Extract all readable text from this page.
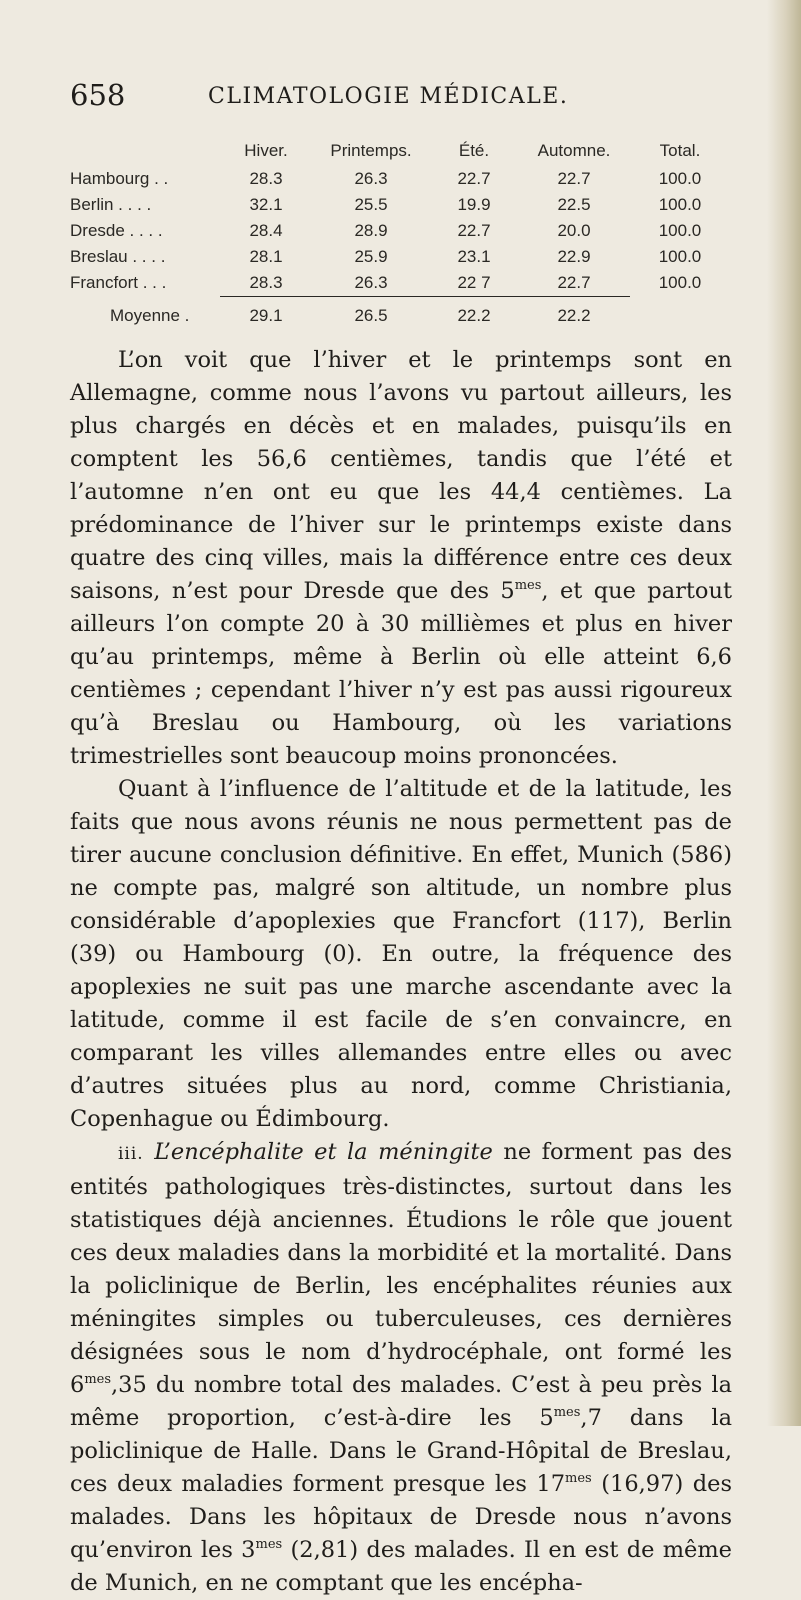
658	CLIMATOLOGIE MÉDICALE.
	Hiver.	Printemps.	Été.	Automne.	Total.
Hambourg . .	28.3	26.3	22.7	22.7	100.0
Berlin . . . .	32.1	25.5	19.9	22.5	100.0
Dresde . . . .	28.4	28.9	22.7	20.0	100.0
Breslau . . . .	28.1	25.9	23.1	22.9	100.0
Francfort . . .	28.3	26.3	22 7	22.7	100.0
Moyenne .	29.1	26.5	22.2	22.2	

L’on voit que l’hiver et le printemps sont en Allemagne, comme nous l’avons vu partout ailleurs, les plus chargés en décès et en malades, puisqu’ils en comptent les 56,6 centièmes, tandis que l’été et l’automne n’en ont eu que les 44,4 centièmes. La prédominance de l’hiver sur le printemps existe dans quatre des cinq villes, mais la différence entre ces deux saisons, n’est pour Dresde que des $5^{mes}$, et que partout ailleurs l’on compte 20 à 30 millièmes et plus en hiver qu’au printemps, même à Berlin où elle atteint 6,6 centièmes ; cependant l’hiver n’y est pas aussi rigoureux qu’à Breslau ou Hambourg, où les variations trimestrielles sont beaucoup moins prononcées.

Quant à l’influence de l’altitude et de la latitude, les faits que nous avons réunis ne nous permettent pas de tirer aucune conclusion définitive. En effet, Munich (586) ne compte pas, malgré son altitude, un nombre plus considérable d’apoplexies que Francfort (117), Berlin (39) ou Hambourg (0). En outre, la fréquence des apoplexies ne suit pas une marche ascendante avec la latitude, comme il est facile de s’en convaincre, en comparant les villes allemandes entre elles ou avec d’autres situées plus au nord, comme Christiania, Copenhague ou Édimbourg.

iii. L’encéphalite et la méningite ne forment pas des entités pathologiques très-distinctes, surtout dans les statistiques déjà anciennes. Étudions le rôle que jouent ces deux maladies dans la morbidité et la mortalité. Dans la policlinique de Berlin, les encéphalites réunies aux méningites simples ou tuberculeuses, ces dernières désignées sous le nom d’hydrocéphale, ont formé les $6^{mes},35$ du nombre total des malades. C’est à peu près la même proportion, c’est-à-dire les $5^{mes},7$ dans la policlinique de Halle. Dans le Grand-Hôpital de Breslau, ces deux maladies forment presque les $17^{mes}$ (16,97) des malades. Dans les hôpitaux de Dresde nous n’avons qu’environ les $3^{mes}$ (2,81) des malades. Il en est de même de Munich, en ne comptant que les encépha-
